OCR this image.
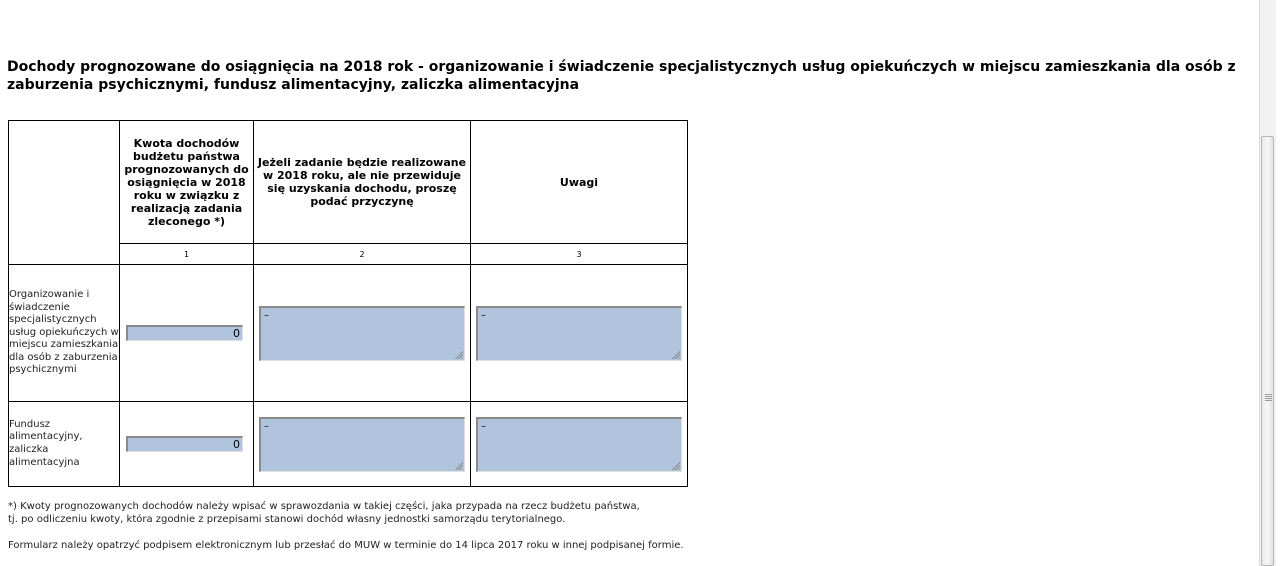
Dochody prognozowane do osiągnięcia na 2018 rok - organizowanie i świadczenie specjalistycznych usług opiekuńczych w miejscu zamieszkania dla osób z zaburzenia psychicznymi, fundusz alimentacyjny, zaliczka alimentacyjna
	Kwota dochodów budżetu państwa prognozowanych do osiągnięcia w 2018 roku w związku z realizacją zadania zleconego *)	Jeżeli zadanie będzie realizowane w 2018 roku, ale nie przewiduje się uzyskania dochodu, proszę podać przyczynę	Uwagi
	1	2	3
Organizowanie i świadczenie specjalistycznych usług opiekuńczych w miejscu zamieszkania dla osób z zaburzenia psychicznymi	0	–	–

Fundusz alimentacyjny, zaliczka alimentacyjna	0	–	–
*) Kwoty prognozowanych dochodów należy wpisać w sprawozdania w takiej części, jaka przypada na rzecz budżetu państwa,
tj. po odliczeniu kwoty, która zgodnie z przepisami stanowi dochód własny jednostki samorządu terytorialnego.
Formularz należy opatrzyć podpisem elektronicznym lub przesłać do MUW w terminie do 14 lipca 2017 roku w innej podpisanej formie.
